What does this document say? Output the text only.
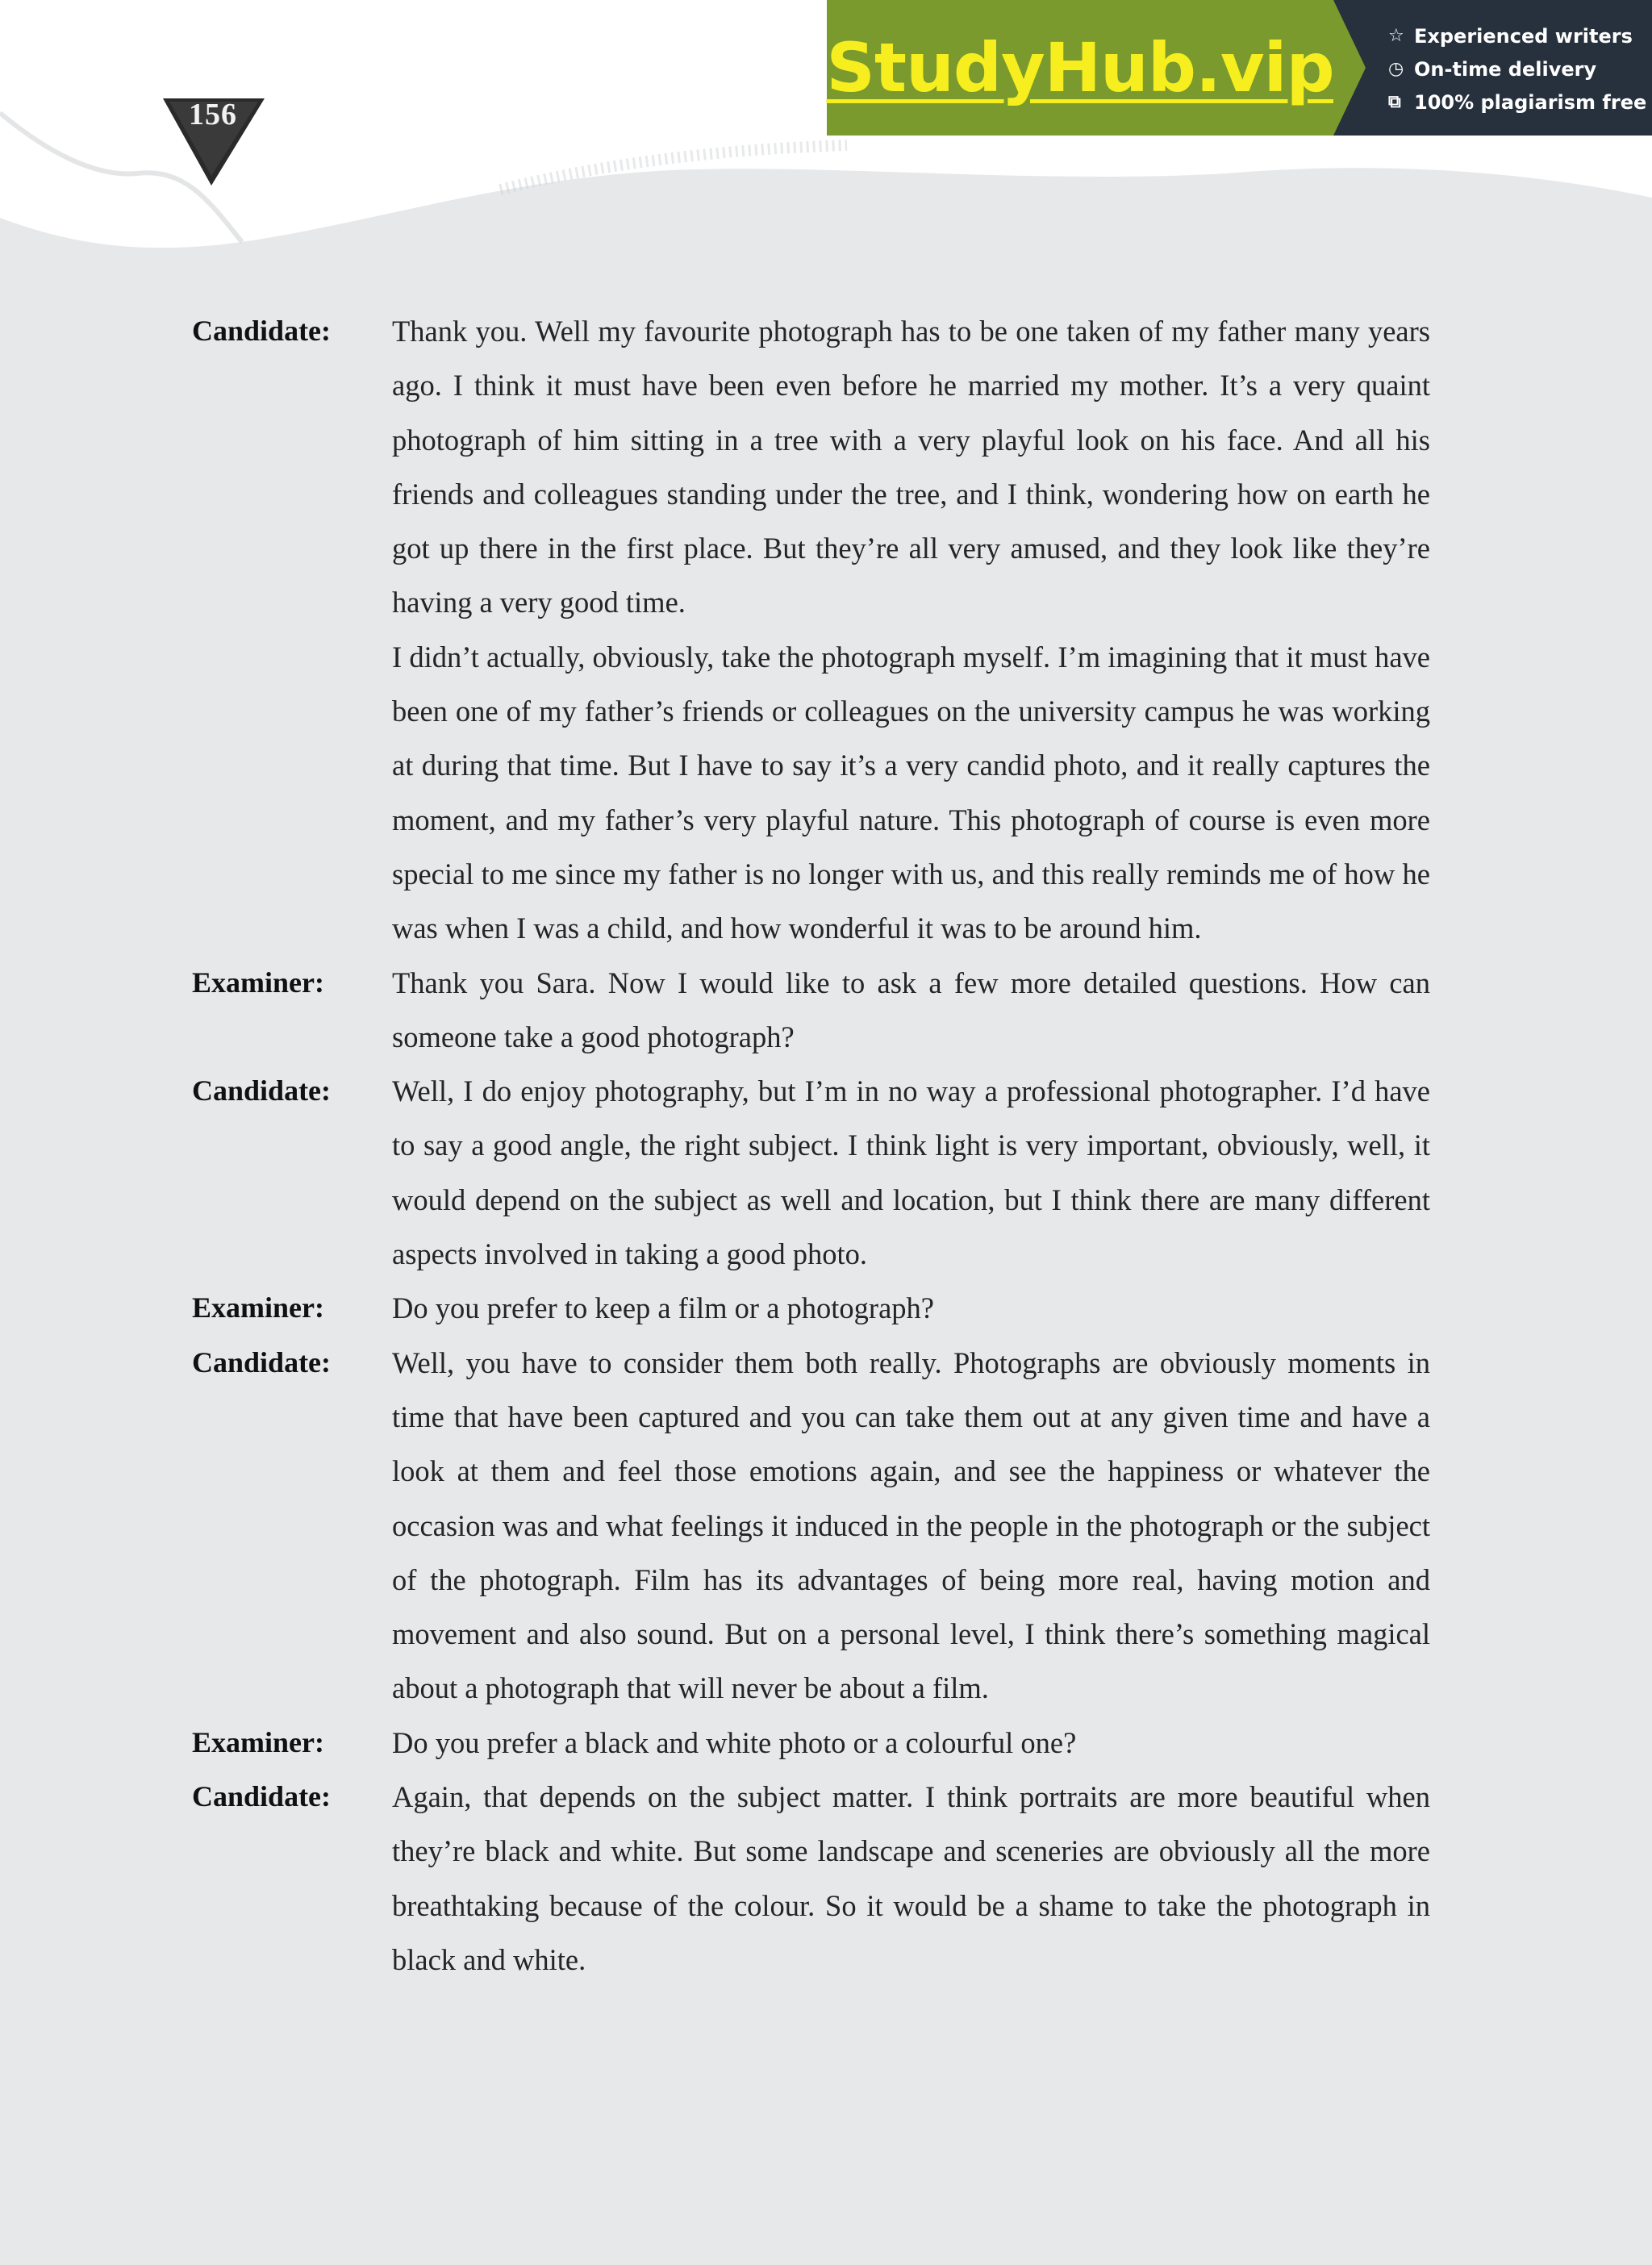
156
StudyHub.vip	☆ Experienced writers
◷ On-time delivery
⧉ 100% plagiarism free
Candidate:	Thank you. Well my favourite photograph has to be one taken of my father many years ago. I think it must have been even before he married my mother. It’s a very quaint photograph of him sitting in a tree with a very playful look on his face. And all his friends and colleagues standing under the tree, and I think, wondering how on earth he got up there in the first place. But they’re all very amused, and they look like they’re having a very good time.

I didn’t actually, obviously, take the photograph myself. I’m imagining that it must have been one of my father’s friends or colleagues on the university campus he was working at during that time. But I have to say it’s a very candid photo, and it really captures the moment, and my father’s very playful nature. This photograph of course is even more special to me since my father is no longer with us, and this really reminds me of how he was when I was a child, and how wonderful it was to be around him.

Examiner:	Thank you Sara. Now I would like to ask a few more detailed questions. How can someone take a good photograph?

Candidate:	Well, I do enjoy photography, but I’m in no way a professional photographer. I’d have to say a good angle, the right subject. I think light is very important, obviously, well, it would depend on the subject as well and location, but I think there are many different aspects involved in taking a good photo.

Examiner:	Do you prefer to keep a film or a photograph?

Candidate:	Well, you have to consider them both really. Photographs are obviously moments in time that have been captured and you can take them out at any given time and have a look at them and feel those emotions again, and see the happiness or whatever the occasion was and what feelings it induced in the people in the photograph or the subject of the photograph. Film has its advantages of being more real, having motion and movement and also sound. But on a personal level, I think there’s something magical about a photograph that will never be about a film.

Examiner:	Do you prefer a black and white photo or a colourful one?

Candidate:	Again, that depends on the subject matter. I think portraits are more beautiful when they’re black and white. But some landscape and sceneries are obviously all the more breathtaking because of the colour. So it would be a shame to take the photograph in black and white.
